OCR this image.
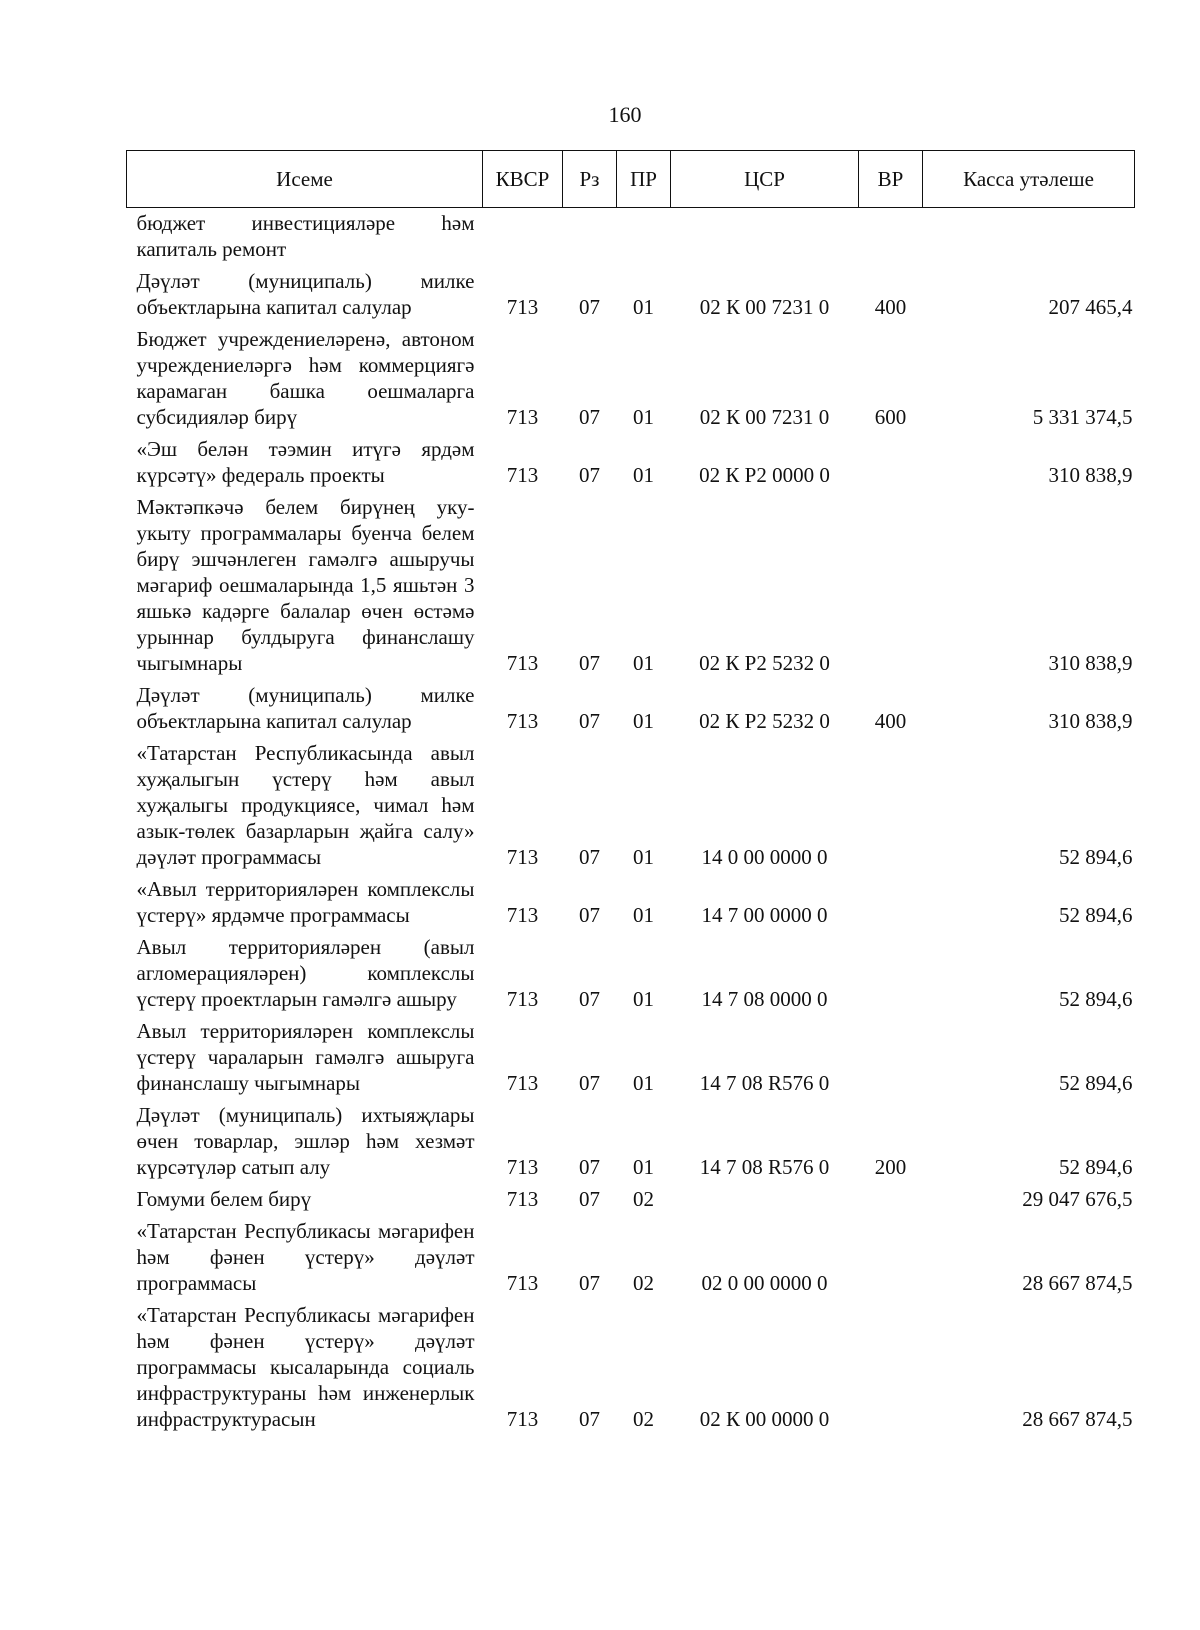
160
Исеме	КВСР	Рз	ПР	ЦСР	ВР	Касса утәлеше
бюджет инвестицияләре һәм капиталь ремонт						
Дәүләт (муниципаль) милке объектларына капитал салулар	713	07	01	02 К 00 7231 0	400	207 465,4
Бюджет учреждениеләренә, автоном учреждениеләргә һәм коммерциягә карамаган башка оешмаларга субсидияләр бирү	713	07	01	02 К 00 7231 0	600	5 331 374,5
«Эш белән тәэмин итүгә ярдәм күрсәтү» федераль проекты	713	07	01	02 К Р2 0000 0		310 838,9
Мәктәпкәчә белем бирүнең уку-укыту программалары буенча белем бирү эшчәнлеген гамәлгә ашыручы мәгариф оешмаларында 1,5 яшьтән 3 яшькә кадәрге балалар өчен өстәмә урыннар булдыруга финанслашу чыгымнары	713	07	01	02 К Р2 5232 0		310 838,9
Дәүләт (муниципаль) милке объектларына капитал салулар	713	07	01	02 К Р2 5232 0	400	310 838,9
«Татарстан Республикасында авыл хуҗалыгын үстерү һәм авыл хуҗалыгы продукциясе, чимал һәм азык-төлек базарларын җайга салу» дәүләт программасы	713	07	01	14 0 00 0000 0		52 894,6
«Авыл территорияләрен комплекслы үстерү» ярдәмче программасы	713	07	01	14 7 00 0000 0		52 894,6
Авыл территорияләрен (авыл агломерацияләрен) комплекслы үстерү проектларын гамәлгә ашыру	713	07	01	14 7 08 0000 0		52 894,6
Авыл территорияләрен комплекслы үстерү чараларын гамәлгә ашыруга финанслашу чыгымнары	713	07	01	14 7 08 R576 0		52 894,6
Дәүләт (муниципаль) ихтыяҗлары өчен товарлар, эшләр һәм хезмәт күрсәтүләр сатып алу	713	07	01	14 7 08 R576 0	200	52 894,6
Гомуми белем бирү	713	07	02			29 047 676,5
«Татарстан Республикасы мәгарифен һәм фәнен үстерү» дәүләт программасы	713	07	02	02 0 00 0000 0		28 667 874,5
«Татарстан Республикасы мәгарифен һәм фәнен үстерү» дәүләт программасы кысаларында социаль инфраструктураны һәм инженерлык инфраструктурасын	713	07	02	02 К 00 0000 0		28 667 874,5
